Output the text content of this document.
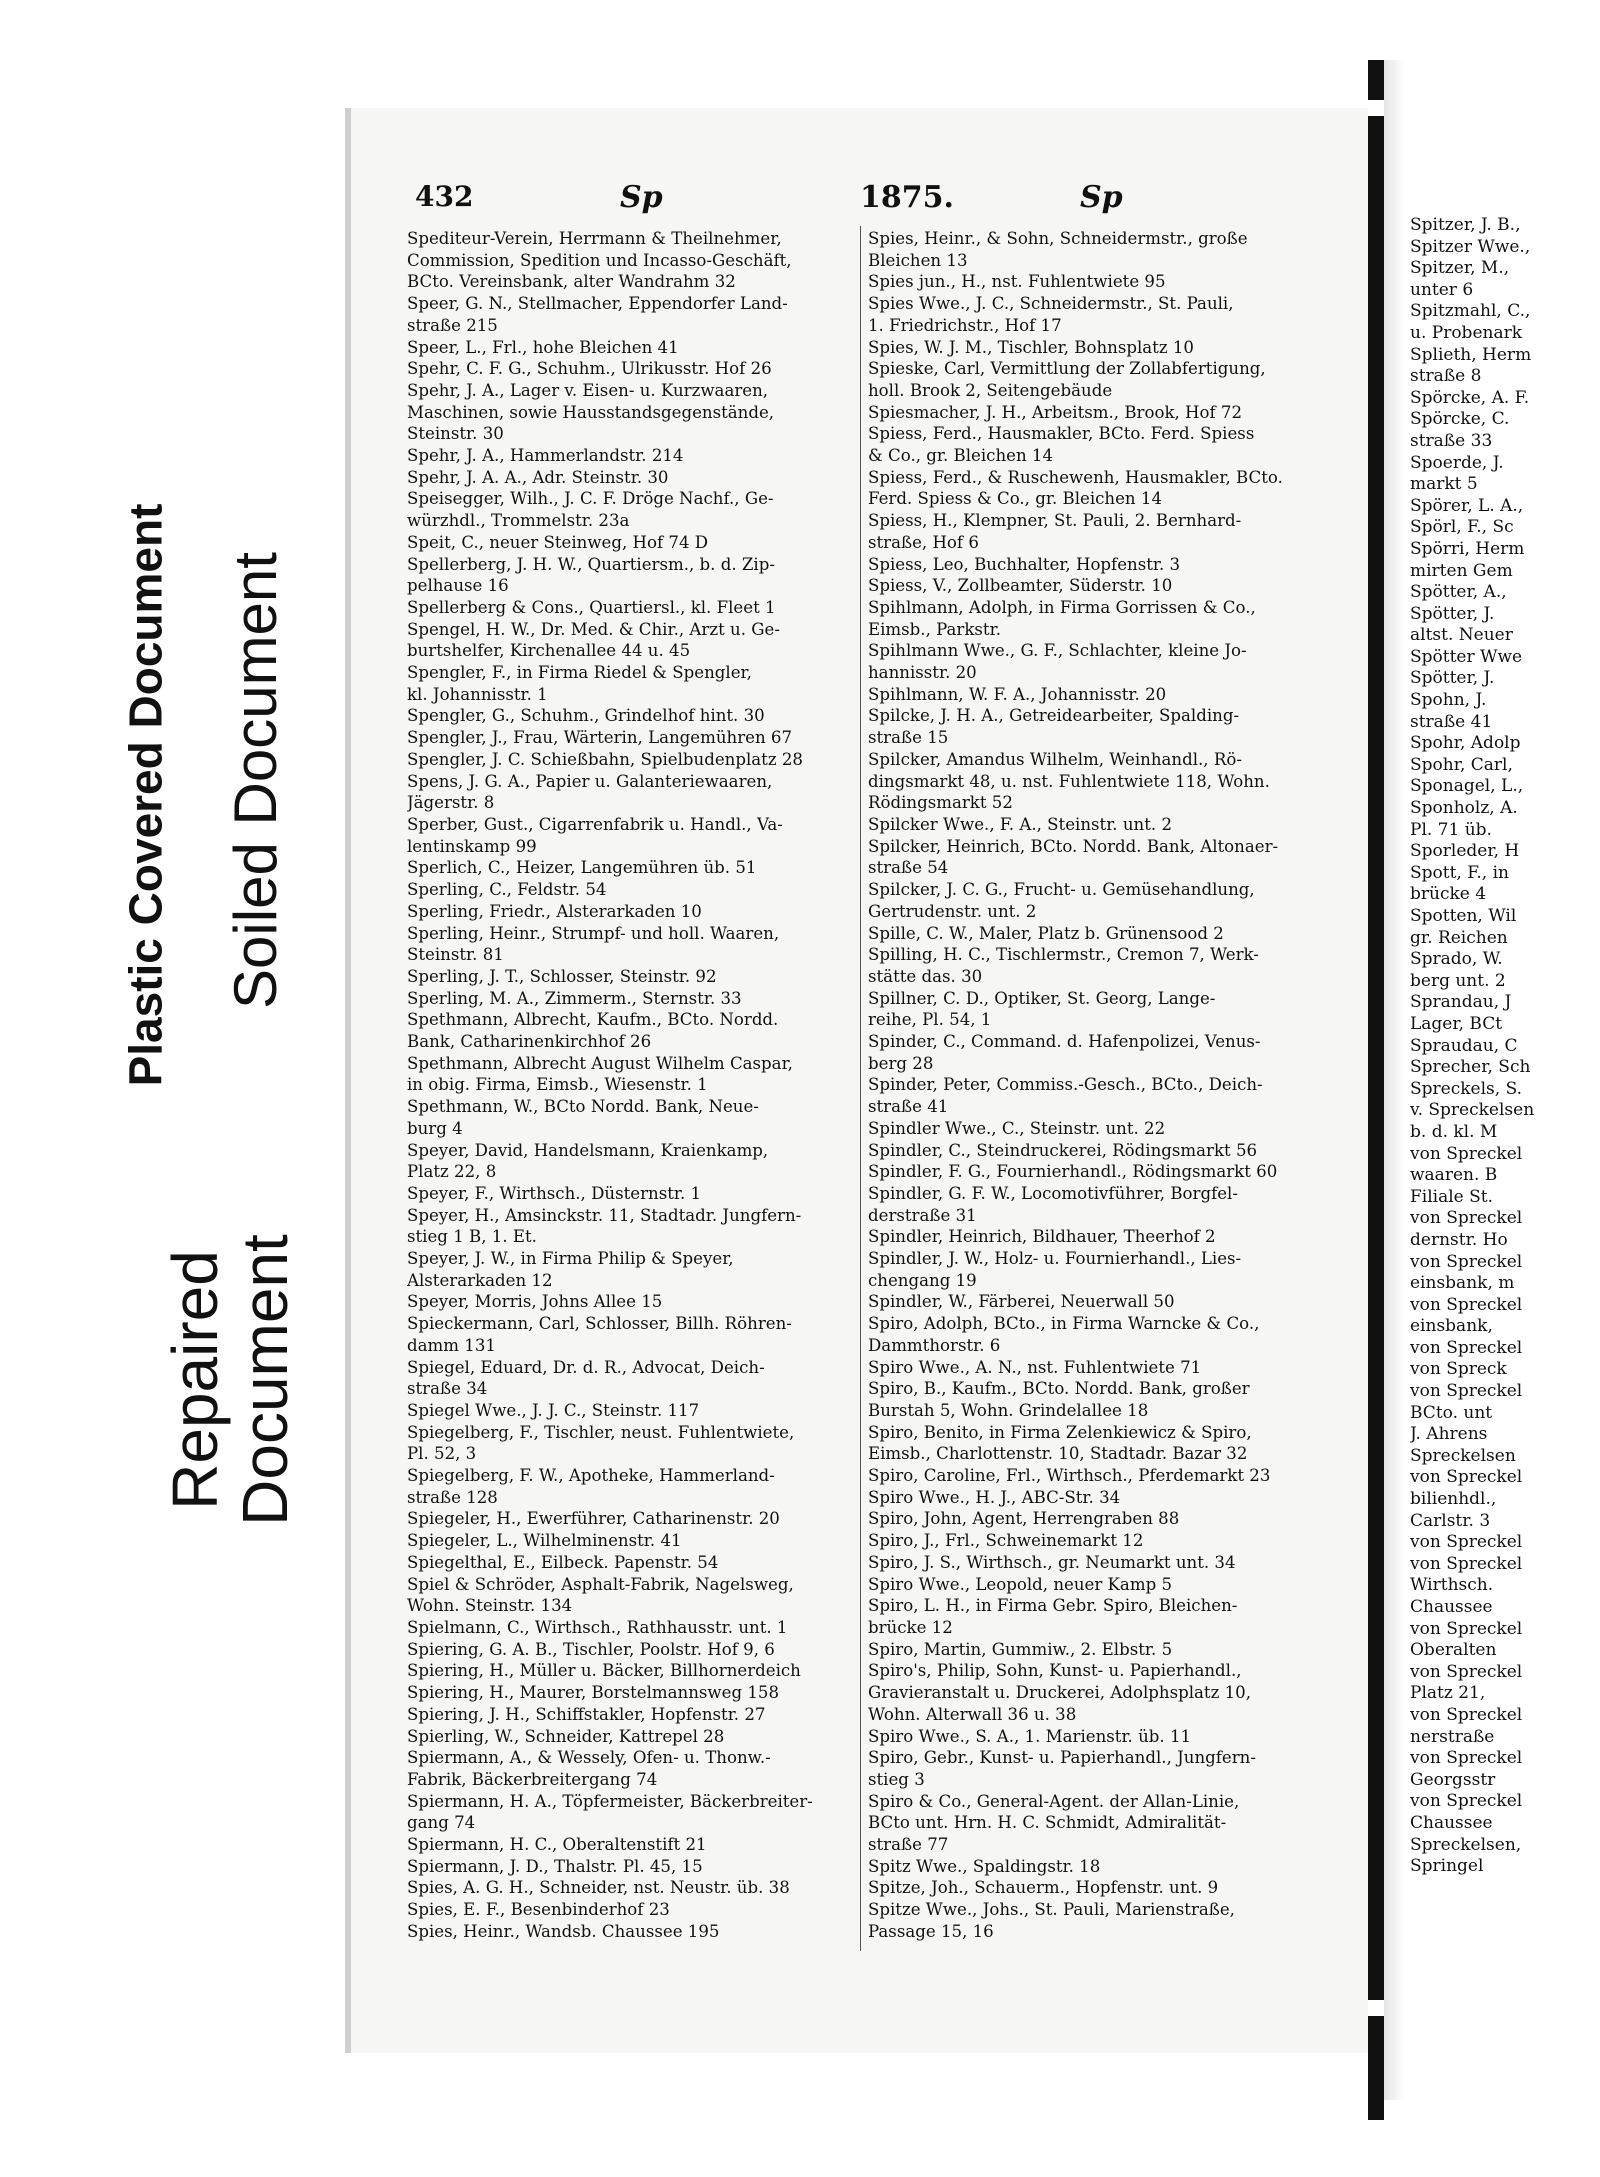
Plastic Covered Document Soiled Document
Repaired
Document
432	Sp	1875.	Sp
Spediteur-Verein, Herrmann & Theilnehmer,
Commission, Spedition und Incasso-Geschäft,
BCto. Vereinsbank, alter Wandrahm 32
Speer, G. N., Stellmacher, Eppendorfer Land-
straße 215
Speer, L., Frl., hohe Bleichen 41
Spehr, C. F. G., Schuhm., Ulrikusstr. Hof 26
Spehr, J. A., Lager v. Eisen- u. Kurzwaaren,
Maschinen, sowie Hausstandsgegenstände,
Steinstr. 30
Spehr, J. A., Hammerlandstr. 214
Spehr, J. A. A., Adr. Steinstr. 30
Speisegger, Wilh., J. C. F. Dröge Nachf., Ge-
würzhdl., Trommelstr. 23a
Speit, C., neuer Steinweg, Hof 74 D
Spellerberg, J. H. W., Quartiersm., b. d. Zip-
pelhause 16
Spellerberg & Cons., Quartiersl., kl. Fleet 1
Spengel, H. W., Dr. Med. & Chir., Arzt u. Ge-
burtshelfer, Kirchenallee 44 u. 45
Spengler, F., in Firma Riedel & Spengler,
kl. Johannisstr. 1
Spengler, G., Schuhm., Grindelhof hint. 30
Spengler, J., Frau, Wärterin, Langemühren 67
Spengler, J. C. Schießbahn, Spielbudenplatz 28
Spens, J. G. A., Papier u. Galanteriewaaren,
Jägerstr. 8
Sperber, Gust., Cigarrenfabrik u. Handl., Va-
lentinskamp 99
Sperlich, C., Heizer, Langemühren üb. 51
Sperling, C., Feldstr. 54
Sperling, Friedr., Alsterarkaden 10
Sperling, Heinr., Strumpf- und holl. Waaren,
Steinstr. 81
Sperling, J. T., Schlosser, Steinstr. 92
Sperling, M. A., Zimmerm., Sternstr. 33
Spethmann, Albrecht, Kaufm., BCto. Nordd.
Bank, Catharinenkirchhof 26
Spethmann, Albrecht August Wilhelm Caspar,
in obig. Firma, Eimsb., Wiesenstr. 1
Spethmann, W., BCto Nordd. Bank, Neue-
burg 4
Speyer, David, Handelsmann, Kraienkamp,
Platz 22, 8
Speyer, F., Wirthsch., Düsternstr. 1
Speyer, H., Amsinckstr. 11, Stadtadr. Jungfern-
stieg 1 B, 1. Et.
Speyer, J. W., in Firma Philip & Speyer,
Alsterarkaden 12
Speyer, Morris, Johns Allee 15
Spieckermann, Carl, Schlosser, Billh. Röhren-
damm 131
Spiegel, Eduard, Dr. d. R., Advocat, Deich-
straße 34
Spiegel Wwe., J. J. C., Steinstr. 117
Spiegelberg, F., Tischler, neust. Fuhlentwiete,
Pl. 52, 3
Spiegelberg, F. W., Apotheke, Hammerland-
straße 128
Spiegeler, H., Ewerführer, Catharinenstr. 20
Spiegeler, L., Wilhelminenstr. 41
Spiegelthal, E., Eilbeck. Papenstr. 54
Spiel & Schröder, Asphalt-Fabrik, Nagelsweg,
Wohn. Steinstr. 134
Spielmann, C., Wirthsch., Rathhausstr. unt. 1
Spiering, G. A. B., Tischler, Poolstr. Hof 9, 6
Spiering, H., Müller u. Bäcker, Billhornerdeich
Spiering, H., Maurer, Borstelmannsweg 158
Spiering, J. H., Schiffstakler, Hopfenstr. 27
Spierling, W., Schneider, Kattrepel 28
Spiermann, A., & Wessely, Ofen- u. Thonw.-
Fabrik, Bäckerbreitergang 74
Spiermann, H. A., Töpfermeister, Bäckerbreiter-
gang 74
Spiermann, H. C., Oberaltenstift 21
Spiermann, J. D., Thalstr. Pl. 45, 15
Spies, A. G. H., Schneider, nst. Neustr. üb. 38
Spies, E. F., Besenbinderhof 23
Spies, Heinr., Wandsb. Chaussee 195
Spies, Heinr., & Sohn, Schneidermstr., große
Bleichen 13
Spies jun., H., nst. Fuhlentwiete 95
Spies Wwe., J. C., Schneidermstr., St. Pauli,
1. Friedrichstr., Hof 17
Spies, W. J. M., Tischler, Bohnsplatz 10
Spieske, Carl, Vermittlung der Zollabfertigung,
holl. Brook 2, Seitengebäude
Spiesmacher, J. H., Arbeitsm., Brook, Hof 72
Spiess, Ferd., Hausmakler, BCto. Ferd. Spiess
& Co., gr. Bleichen 14
Spiess, Ferd., & Ruschewenh, Hausmakler, BCto.
Ferd. Spiess & Co., gr. Bleichen 14
Spiess, H., Klempner, St. Pauli, 2. Bernhard-
straße, Hof 6
Spiess, Leo, Buchhalter, Hopfenstr. 3
Spiess, V., Zollbeamter, Süderstr. 10
Spihlmann, Adolph, in Firma Gorrissen & Co.,
Eimsb., Parkstr.
Spihlmann Wwe., G. F., Schlachter, kleine Jo-
hannisstr. 20
Spihlmann, W. F. A., Johannisstr. 20
Spilcke, J. H. A., Getreidearbeiter, Spalding-
straße 15
Spilcker, Amandus Wilhelm, Weinhandl., Rö-
dingsmarkt 48, u. nst. Fuhlentwiete 118, Wohn.
Rödingsmarkt 52
Spilcker Wwe., F. A., Steinstr. unt. 2
Spilcker, Heinrich, BCto. Nordd. Bank, Altonaer-
straße 54
Spilcker, J. C. G., Frucht- u. Gemüsehandlung,
Gertrudenstr. unt. 2
Spille, C. W., Maler, Platz b. Grünensood 2
Spilling, H. C., Tischlermstr., Cremon 7, Werk-
stätte das. 30
Spillner, C. D., Optiker, St. Georg, Lange-
reihe, Pl. 54, 1
Spinder, C., Command. d. Hafenpolizei, Venus-
berg 28
Spinder, Peter, Commiss.-Gesch., BCto., Deich-
straße 41
Spindler Wwe., C., Steinstr. unt. 22
Spindler, C., Steindruckerei, Rödingsmarkt 56
Spindler, F. G., Fournierhandl., Rödingsmarkt 60
Spindler, G. F. W., Locomotivführer, Borgfel-
derstraße 31
Spindler, Heinrich, Bildhauer, Theerhof 2
Spindler, J. W., Holz- u. Fournierhandl., Lies-
chengang 19
Spindler, W., Färberei, Neuerwall 50
Spiro, Adolph, BCto., in Firma Warncke & Co.,
Dammthorstr. 6
Spiro Wwe., A. N., nst. Fuhlentwiete 71
Spiro, B., Kaufm., BCto. Nordd. Bank, großer
Burstah 5, Wohn. Grindelallee 18
Spiro, Benito, in Firma Zelenkiewicz & Spiro,
Eimsb., Charlottenstr. 10, Stadtadr. Bazar 32
Spiro, Caroline, Frl., Wirthsch., Pferdemarkt 23
Spiro Wwe., H. J., ABC-Str. 34
Spiro, John, Agent, Herrengraben 88
Spiro, J., Frl., Schweinemarkt 12
Spiro, J. S., Wirthsch., gr. Neumarkt unt. 34
Spiro Wwe., Leopold, neuer Kamp 5
Spiro, L. H., in Firma Gebr. Spiro, Bleichen-
brücke 12
Spiro, Martin, Gummiw., 2. Elbstr. 5
Spiro's, Philip, Sohn, Kunst- u. Papierhandl.,
Gravieranstalt u. Druckerei, Adolphsplatz 10,
Wohn. Alterwall 36 u. 38
Spiro Wwe., S. A., 1. Marienstr. üb. 11
Spiro, Gebr., Kunst- u. Papierhandl., Jungfern-
stieg 3
Spiro & Co., General-Agent. der Allan-Linie,
BCto unt. Hrn. H. C. Schmidt, Admiralität-
straße 77
Spitz Wwe., Spaldingstr. 18
Spitze, Joh., Schauerm., Hopfenstr. unt. 9
Spitze Wwe., Johs., St. Pauli, Marienstraße,
Passage 15, 16
Spitzer, J. B.,
Spitzer Wwe.,
Spitzer, M.,
unter 6
Spitzmahl, C.,
u. Probenark
Splieth, Herm
straße 8
Spörcke, A. F.
Spörcke, C.
straße 33
Spoerde, J.
markt 5
Spörer, L. A.,
Spörl, F., Sc
Spörri, Herm
mirten Gem
Spötter, A.,
Spötter, J.
altst. Neuer
Spötter Wwe
Spötter, J.
Spohn, J.
straße 41
Spohr, Adolp
Spohr, Carl,
Sponagel, L.,
Sponholz, A.
Pl. 71 üb.
Sporleder, H
Spott, F., in
brücke 4
Spotten, Wil
gr. Reichen
Sprado, W.
berg unt. 2
Sprandau, J
Lager, BCt
Spraudau, C
Sprecher, Sch
Spreckels, S.
v. Spreckelsen
b. d. kl. M
von Spreckel
waaren. B
Filiale St.
von Spreckel
dernstr. Ho
von Spreckel
einsbank, m
von Spreckel
einsbank,
von Spreckel
von Spreck
von Spreckel
BCto. unt
J. Ahrens
Spreckelsen
von Spreckel
bilienhdl.,
Carlstr. 3
von Spreckel
von Spreckel
Wirthsch.
Chaussee
von Spreckel
Oberalten
von Spreckel
Platz 21,
von Spreckel
nerstraße
von Spreckel
Georgsstr
von Spreckel
Chaussee
Spreckelsen,
Springel
